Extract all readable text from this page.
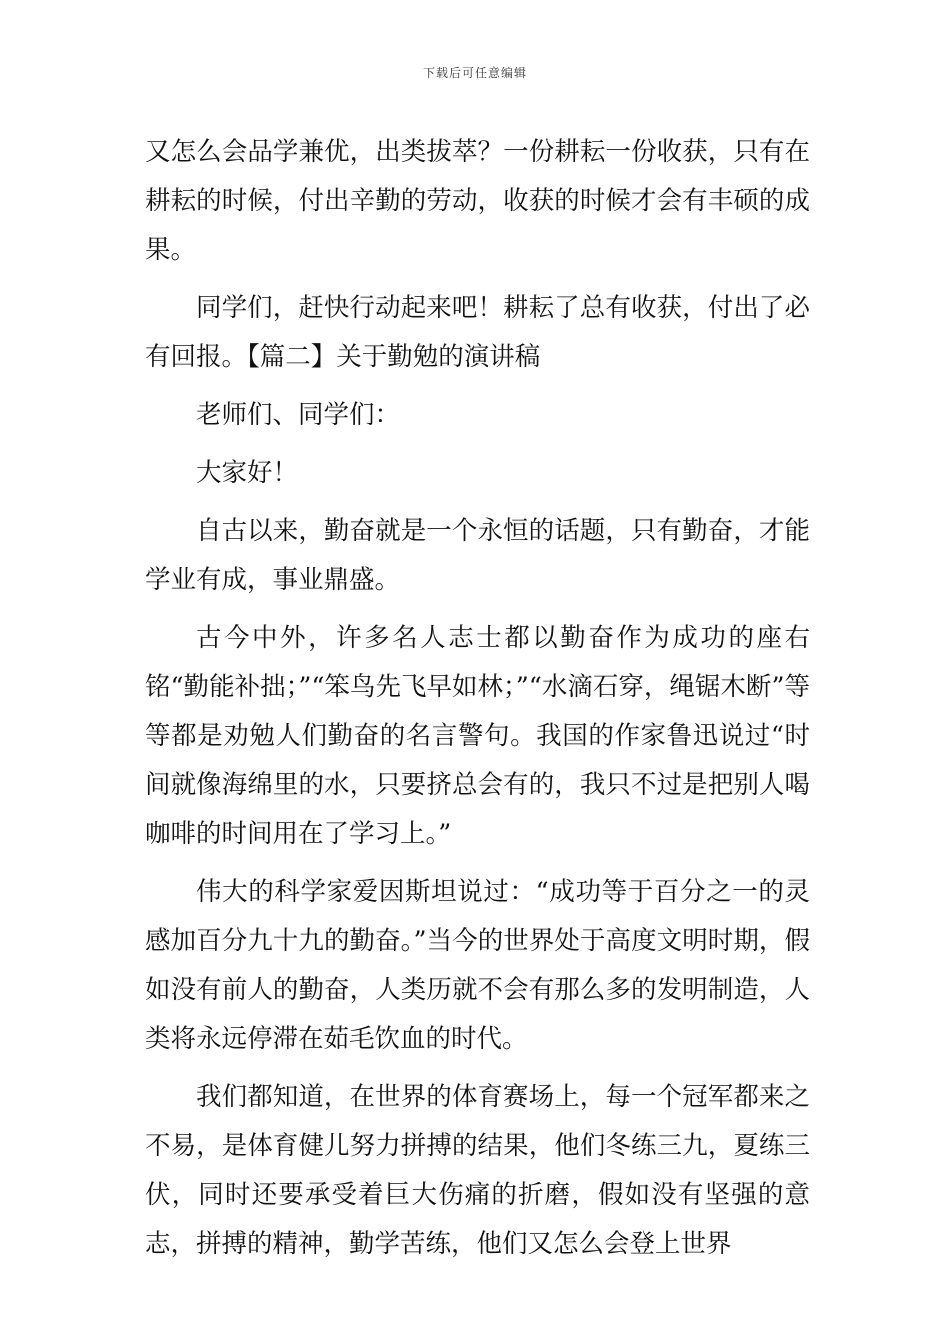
下载后可任意编辑

又怎么会品学兼优，出类拔萃？一份耕耘一份收获，只有在耕耘的时候，付出辛勤的劳动，收获的时候才会有丰硕的成果。

同学们，赶快行动起来吧！耕耘了总有收获，付出了必有回报。【篇二】关于勤勉的演讲稿

老师们、同学们：

大家好！

自古以来，勤奋就是一个永恒的话题，只有勤奋，才能学业有成，事业鼎盛。

古今中外，许多名人志士都以勤奋作为成功的座右铭“勤能补拙；”“笨鸟先飞早如林；”“水滴石穿，绳锯木断”等等都是劝勉人们勤奋的名言警句。我国的作家鲁迅说过“时间就像海绵里的水，只要挤总会有的，我只不过是把别人喝咖啡的时间用在了学习上。”

伟大的科学家爱因斯坦说过：“成功等于百分之一的灵感加百分九十九的勤奋。”当今的世界处于高度文明时期，假如没有前人的勤奋，人类历就不会有那么多的发明制造，人类将永远停滞在茹毛饮血的时代。

我们都知道，在世界的体育赛场上，每一个冠军都来之不易，是体育健儿努力拼搏的结果，他们冬练三九，夏练三伏，同时还要承受着巨大伤痛的折磨，假如没有坚强的意志，拼搏的精神，勤学苦练，他们又怎么会登上世界
